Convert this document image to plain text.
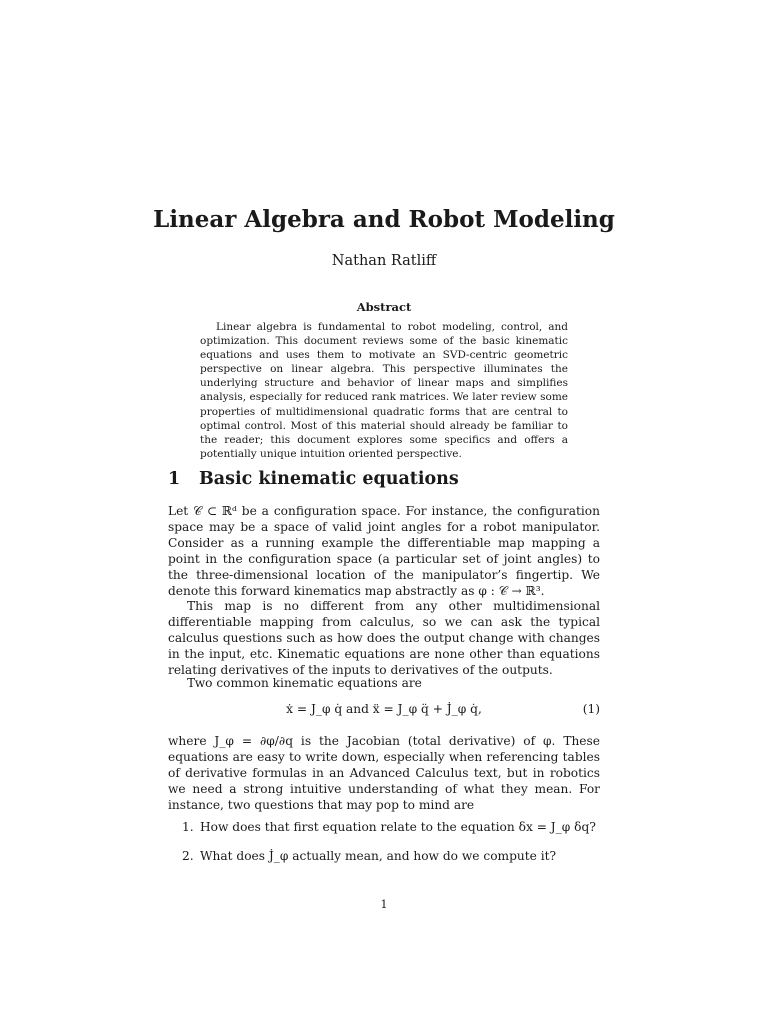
Linear Algebra and Robot Modeling
Nathan Ratliff
Abstract
Linear algebra is fundamental to robot modeling, control, and optimization. This document reviews some of the basic kinematic equations and uses them to motivate an SVD-centric geometric perspective on linear algebra. This perspective illuminates the underlying structure and behavior of linear maps and simplifies analysis, especially for reduced rank matrices. We later review some properties of multidimensional quadratic forms that are central to optimal control. Most of this material should already be familiar to the reader; this document explores some specifics and offers a potentially unique intuition oriented perspective.
1 Basic kinematic equations
Let 𝒞 ⊂ ℝᵈ be a configuration space. For instance, the configuration space may be a space of valid joint angles for a robot manipulator. Consider as a running example the differentiable map mapping a point in the configuration space (a particular set of joint angles) to the three-dimensional location of the manipulator’s fingertip. We denote this forward kinematics map abstractly as φ : 𝒞 → ℝ³.
This map is no different from any other multidimensional differentiable mapping from calculus, so we can ask the typical calculus questions such as how does the output change with changes in the input, etc. Kinematic equations are none other than equations relating derivatives of the inputs to derivatives of the outputs.
Two common kinematic equations are
ẋ = J_φ q̇ and ẍ = J_φ q̈ + J̇_φ q̇,	(1)
where J_φ = ∂φ/∂q is the Jacobian (total derivative) of φ. These equations are easy to write down, especially when referencing tables of derivative formulas in an Advanced Calculus text, but in robotics we need a strong intuitive understanding of what they mean. For instance, two questions that may pop to mind are
1. How does that first equation relate to the equation δx = J_φ δq?
2. What does J̇_φ actually mean, and how do we compute it?
1
